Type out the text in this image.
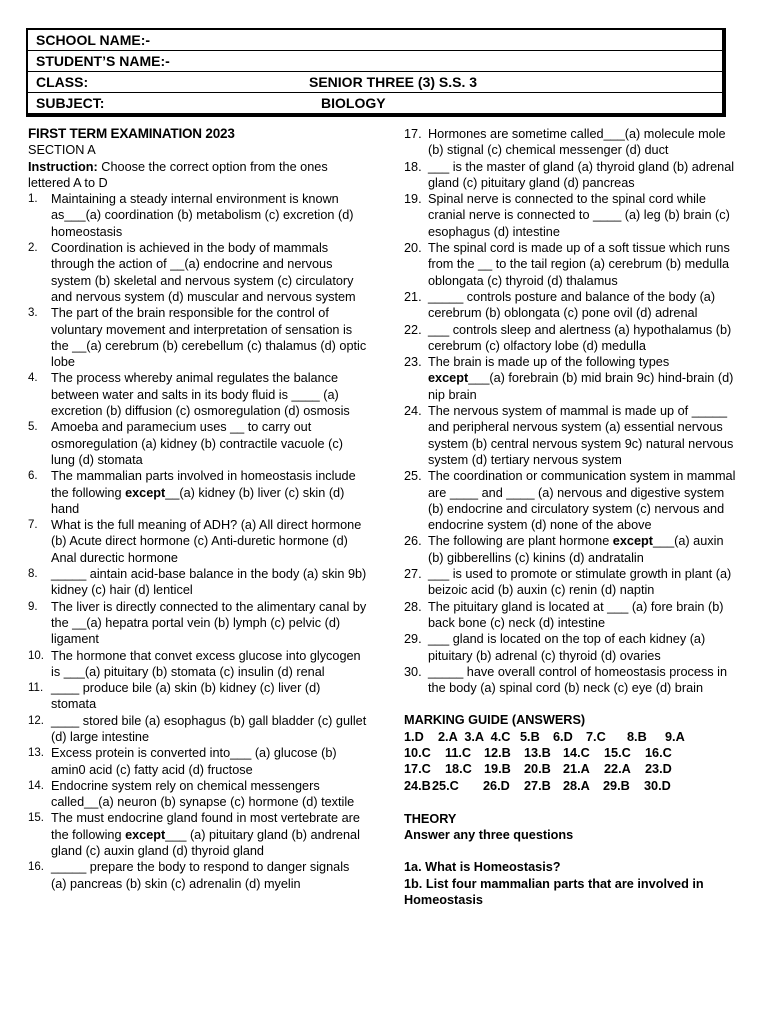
SCHOOL NAME:-
STUDENT’S NAME:-
CLASS:	SENIOR THREE (3) S.S. 3
SUBJECT:	BIOLOGY
FIRST TERM EXAMINATION 2023
SECTION A
Instruction: Choose the correct option from the ones lettered A to D
1.	Maintaining a steady internal environment is known as___(a) coordination (b) metabolism (c) excretion (d) homeostasis
2.	Coordination is achieved in the body of mammals through the action of __(a) endocrine and nervous system (b) skeletal and nervous system (c) circulatory and nervous system (d) muscular and nervous system
3.	The part of the brain responsible for the control of voluntary movement and interpretation of sensation is the __(a) cerebrum (b) cerebellum (c) thalamus (d) optic lobe
4.	The process whereby animal regulates the balance between water and salts in its body fluid is ____ (a) excretion (b) diffusion (c) osmoregulation (d) osmosis
5.	Amoeba and paramecium uses __ to carry out osmoregulation (a) kidney (b) contractile vacuole (c) lung (d) stomata
6.	The mammalian parts involved in homeostasis include the following except__(a) kidney (b) liver (c) skin (d) hand
7.	What is the full meaning of ADH? (a) All direct hormone (b) Acute direct hormone (c) Anti-duretic hormone (d) Anal durectic hormone
8.	_____ aintain acid-base balance in the body (a) skin 9b) kidney (c) hair (d) lenticel
9.	The liver is directly connected to the alimentary canal by the __(a) hepatra portal vein (b) lymph (c) pelvic (d) ligament
10. The hormone that convet excess glucose into glycogen is ___(a) pituitary (b) stomata (c) insulin (d) renal
11. ____ produce bile (a) skin (b) kidney (c) liver (d) stomata
12. ____ stored bile (a) esophagus (b) gall bladder (c) gullet (d) large intestine
13. Excess protein is converted into___ (a) glucose (b) amin0 acid (c) fatty acid (d) fructose
14. Endocrine system rely on chemical messengers called__(a) neuron (b) synapse (c) hormone (d) textile
15. The must endocrine gland found in most vertebrate are the following except___ (a) pituitary gland (b) andrenal gland (c) auxin gland (d) thyroid gland
16. _____ prepare the body to respond to danger signals (a) pancreas (b) skin (c) adrenalin (d) myelin
17. Hormones are sometime called___(a) molecule mole (b) stignal (c) chemical messenger (d) duct
18. ___ is the master of gland (a) thyroid gland (b) adrenal gland (c) pituitary gland (d) pancreas
19. Spinal nerve is connected to the spinal cord while cranial nerve is connected to ____ (a) leg (b) brain (c) esophagus (d) intestine
20. The spinal cord is made up of a soft tissue which runs from the __ to the tail region (a) cerebrum (b) medulla oblongata (c) thyroid (d) thalamus
21. _____ controls posture and balance of the body (a) cerebrum (b) oblongata (c) pone ovil (d) adrenal
22. ___ controls sleep and alertness (a) hypothalamus (b) cerebrum (c) olfactory lobe (d) medulla
23. The brain is made up of the following types except___(a) forebrain (b) mid brain 9c) hind-brain (d) nip brain
24. The nervous system of mammal is made up of _____ and peripheral nervous system (a) essential nervous system (b) central nervous system 9c) natural nervous system (d) tertiary nervous system
25. The coordination or communication system in mammal are ____ and ____ (a) nervous and digestive system (b) endocrine and circulatory system (c) nervous and endocrine system (d) none of the above
26. The following are plant hormone except___(a) auxin (b) gibberellins (c) kinins (d) andratalin
27. ___ is used to promote or stimulate growth in plant (a) beizoic acid (b) auxin (c) renin (d) naptin
28. The pituitary gland is located at ___ (a) fore brain (b) back bone (c) neck (d) intestine
29. ___ gland is located on the top of each kidney (a) pituitary (b) adrenal (c) thyroid (d) ovaries
30. _____ have overall control of homeostasis process in the body (a) spinal cord (b) neck (c) eye (d) brain
MARKING GUIDE (ANSWERS)
1.D	2.A  3.A  4.C 5.B	6.D	7.C	8.B	9.A
10.C	11.C	12.B	13.B 14.C	15.C	16.C
17.C	18.C 19.B	20.B 21.A	22.A	23.D
24.B 25.C	26.D	27.B 28.A	29.B	30.D
THEORY
Answer any three questions
1a. What is Homeostasis?
1b. List four mammalian parts that are involved in Homeostasis
